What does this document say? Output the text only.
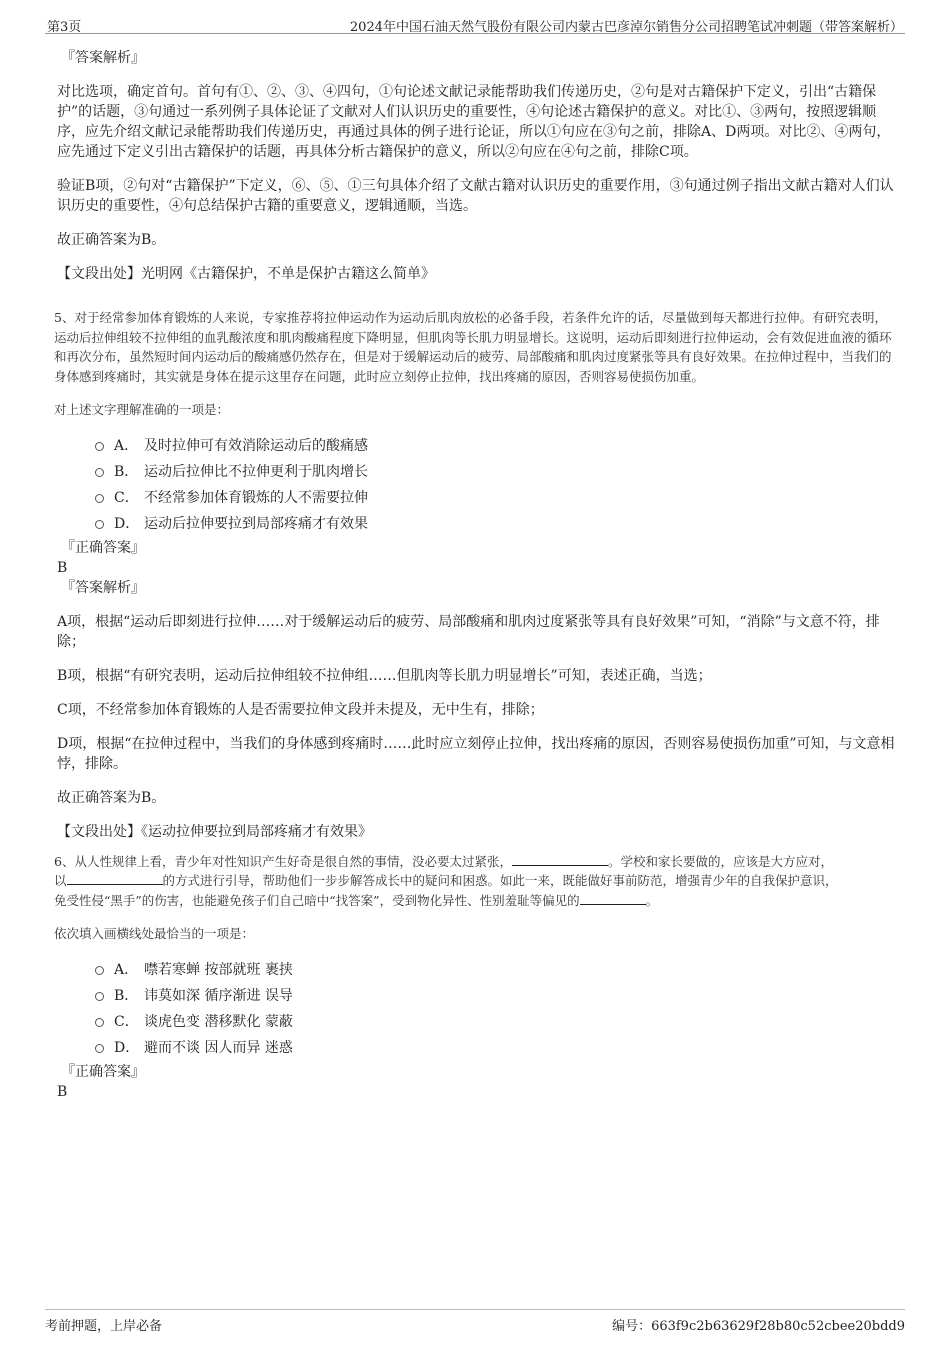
第3页	2024年中国石油天然气股份有限公司内蒙古巴彦淖尔销售分公司招聘笔试冲刺题（带答案解析）
『答案解析』
对比选项，确定首句。首句有①、②、③、④四句，①句论述文献记录能帮助我们传递历史，②句是对古籍保护下定义，引出“古籍保护”的话题，③句通过一系列例子具体论证了文献对人们认识历史的重要性，④句论述古籍保护的意义。对比①、③两句，按照逻辑顺序，应先介绍文献记录能帮助我们传递历史，再通过具体的例子进行论证，所以①句应在③句之前，排除A、D两项。对比②、④两句，应先通过下定义引出古籍保护的话题，再具体分析古籍保护的意义，所以②句应在④句之前，排除C项。
验证B项，②句对“古籍保护”下定义，⑥、⑤、①三句具体介绍了文献古籍对认识历史的重要作用，③句通过例子指出文献古籍对人们认识历史的重要性，④句总结保护古籍的重要意义，逻辑通顺，当选。
故正确答案为B。
【文段出处】光明网《古籍保护，不单是保护古籍这么简单》
5、对于经常参加体育锻炼的人来说，专家推荐将拉伸运动作为运动后肌肉放松的必备手段，若条件允许的话，尽量做到每天都进行拉伸。有研究表明，运动后拉伸组较不拉伸组的血乳酸浓度和肌肉酸痛程度下降明显，但肌肉等长肌力明显增长。这说明，运动后即刻进行拉伸运动，会有效促进血液的循环和再次分布，虽然短时间内运动后的酸痛感仍然存在，但是对于缓解运动后的疲劳、局部酸痛和肌肉过度紧张等具有良好效果。在拉伸过程中，当我们的身体感到疼痛时，其实就是身体在提示这里存在问题，此时应立刻停止拉伸，找出疼痛的原因，否则容易使损伤加重。
对上述文字理解准确的一项是：
A． 及时拉伸可有效消除运动后的酸痛感
B． 运动后拉伸比不拉伸更利于肌肉增长
C． 不经常参加体育锻炼的人不需要拉伸
D． 运动后拉伸要拉到局部疼痛才有效果
『正确答案』
B
『答案解析』
A项，根据“运动后即刻进行拉伸……对于缓解运动后的疲劳、局部酸痛和肌肉过度紧张等具有良好效果”可知，“消除”与文意不符，排除；
B项，根据“有研究表明，运动后拉伸组较不拉伸组……但肌肉等长肌力明显增长”可知，表述正确，当选；
C项，不经常参加体育锻炼的人是否需要拉伸文段并未提及，无中生有，排除；
D项，根据“在拉伸过程中，当我们的身体感到疼痛时……此时应立刻停止拉伸，找出疼痛的原因，否则容易使损伤加重”可知，与文意相悖，排除。
故正确答案为B。
【文段出处】《运动拉伸要拉到局部疼痛才有效果》
6、从人性规律上看，青少年对性知识产生好奇是很自然的事情，没必要太过紧张，	。学校和家长要做的，应该是大方应对，
以	的方式进行引导，帮助他们一步步解答成长中的疑问和困惑。如此一来，既能做好事前防范，增强青少年的自我保护意识，
免受性侵“黑手”的伤害，也能避免孩子们自己暗中“找答案”，受到物化异性、性别羞耻等偏见的	。
依次填入画横线处最恰当的一项是：
A． 噤若寒蝉 按部就班 裹挟
B． 讳莫如深 循序渐进 误导
C． 谈虎色变 潜移默化 蒙蔽
D． 避而不谈 因人而异 迷惑
『正确答案』
B
考前押题，上岸必备	编号：663f9c2b63629f28b80c52cbee20bdd9
